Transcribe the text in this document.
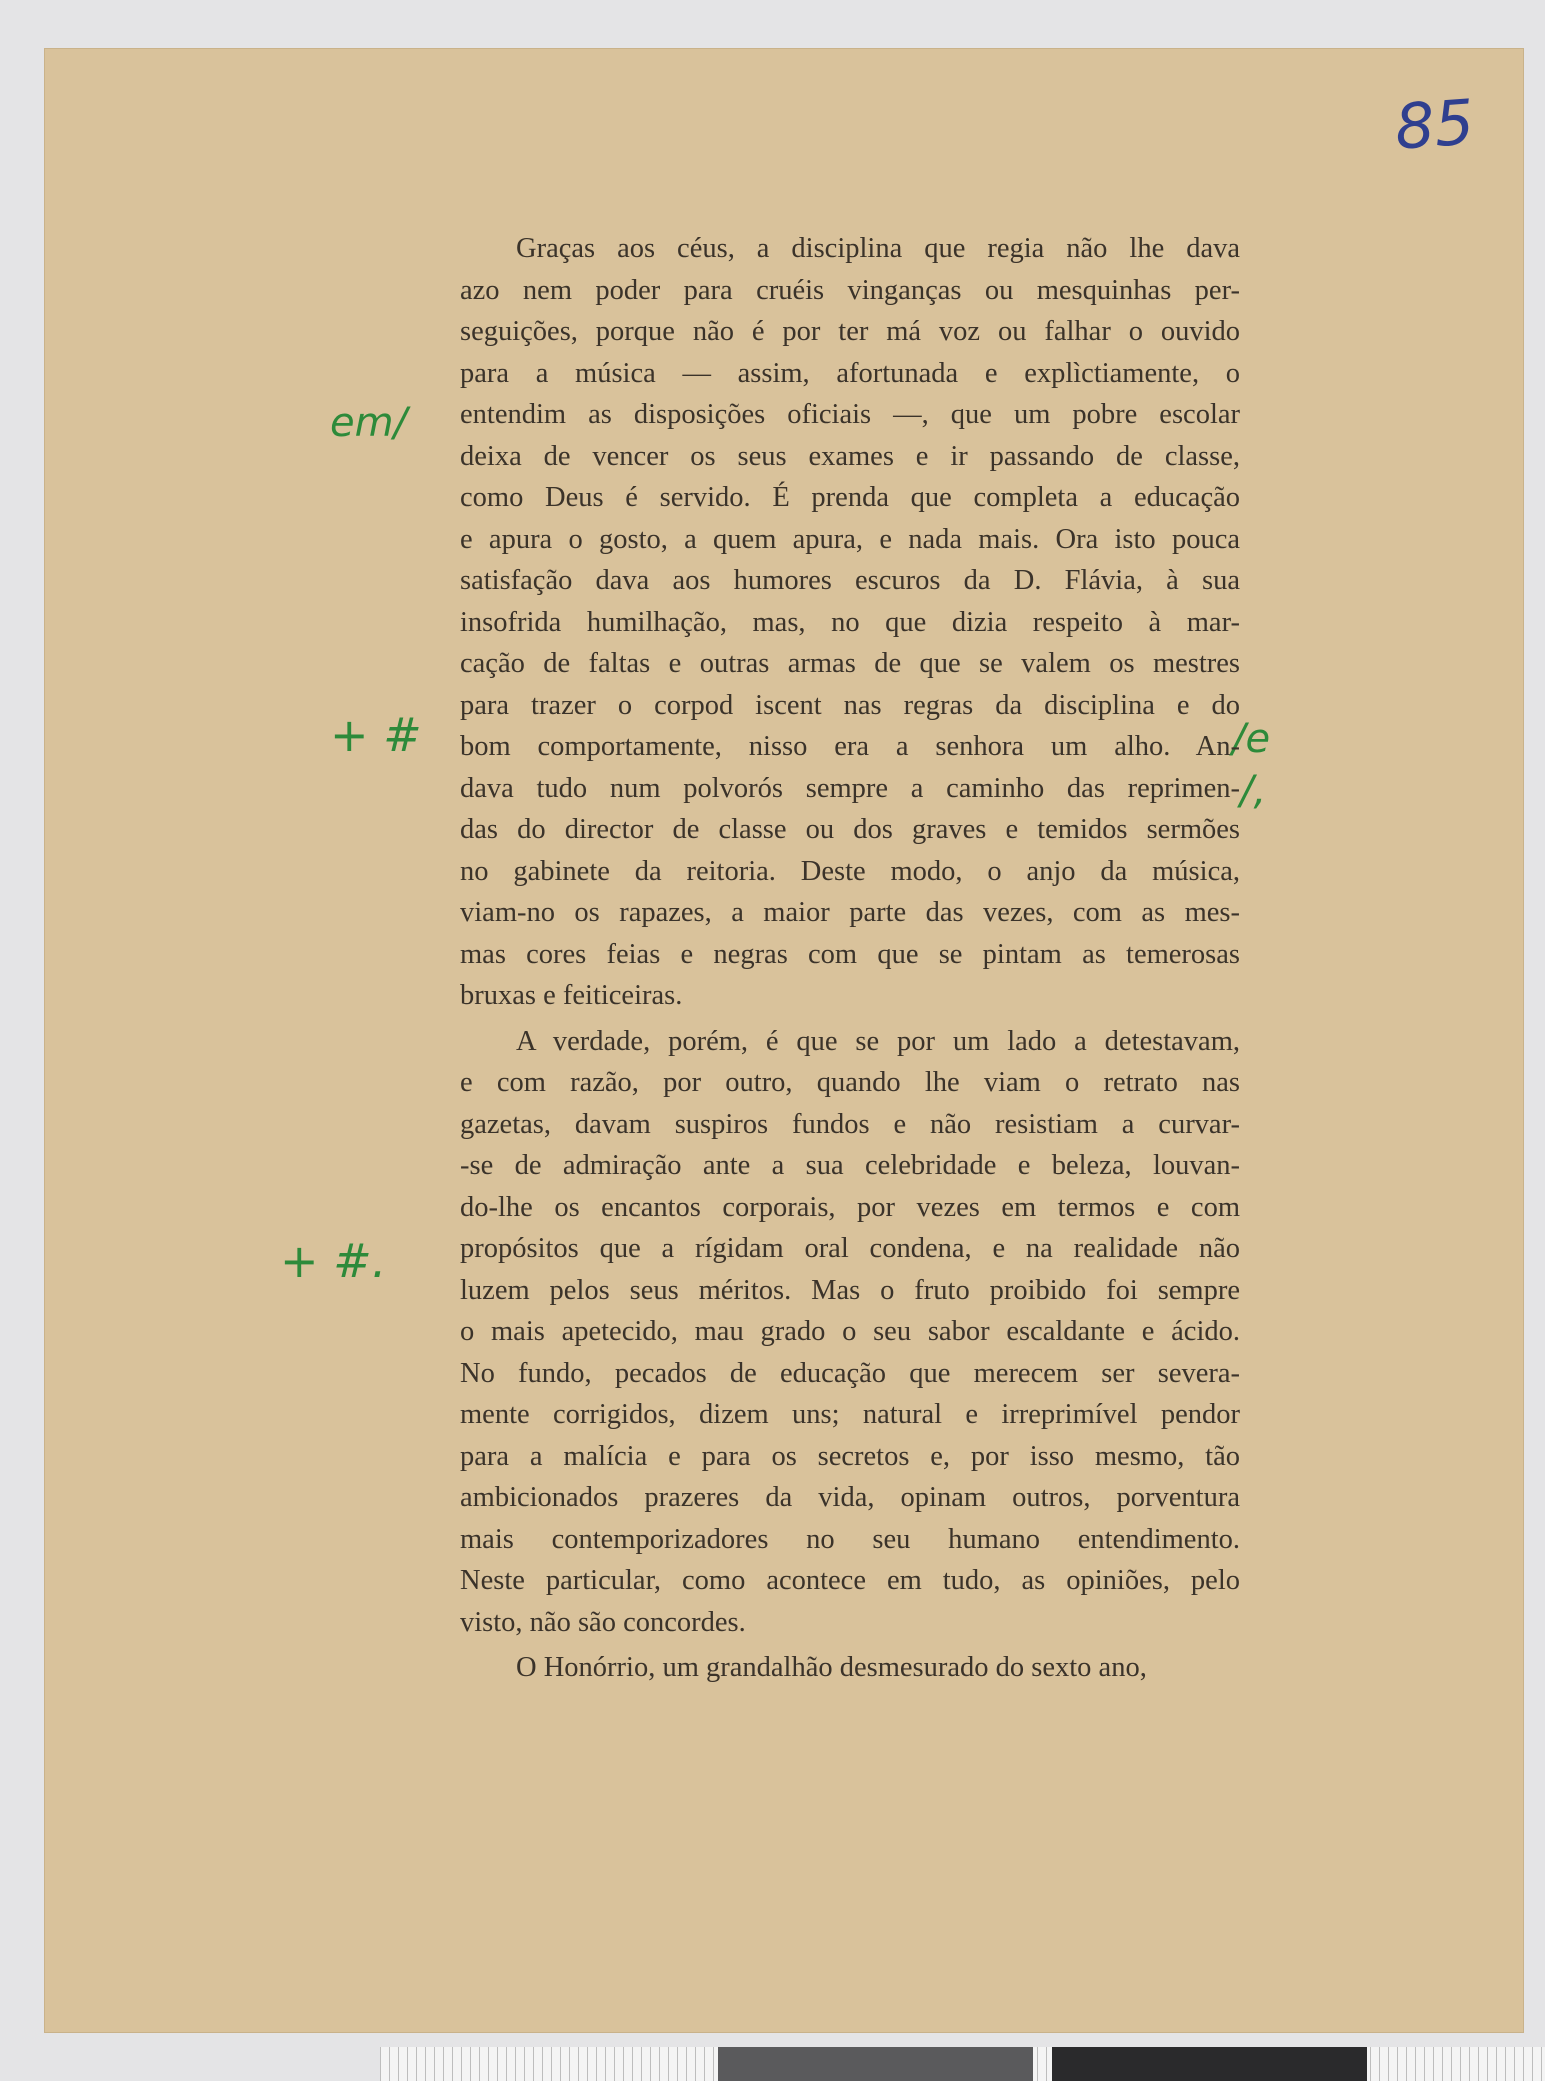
85
em/
+ #
+ #.
/e
/,
Graças aos céus, a disciplina que regia não lhe dava
azo nem poder para cruéis vinganças ou mesquinhas per-
seguições, porque não é por ter má voz ou falhar o ouvido
para a música — assim, afortunada e explìctiamente, o
entendim as disposições oficiais —, que um pobre escolar
deixa de vencer os seus exames e ir passando de classe,
como Deus é servido. É prenda que completa a educação
e apura o gosto, a quem apura, e nada mais. Ora isto pouca
satisfação dava aos humores escuros da D. Flávia, à sua
insofrida humilhação, mas, no que dizia respeito à mar-
cação de faltas e outras armas de que se valem os mestres
para trazer o corpod iscent nas regras da disciplina e do
bom comportamente, nisso era a senhora um alho. An-
dava tudo num polvorós sempre a caminho das reprimen-
das do director de classe ou dos graves e temidos sermões
no gabinete da reitoria. Deste modo, o anjo da música,
viam-no os rapazes, a maior parte das vezes, com as mes-
mas cores feias e negras com que se pintam as temerosas
bruxas e feiticeiras.
A verdade, porém, é que se por um lado a detestavam,
e com razão, por outro, quando lhe viam o retrato nas
gazetas, davam suspiros fundos e não resistiam a curvar-
-se de admiração ante a sua celebridade e beleza, louvan-
do-lhe os encantos corporais, por vezes em termos e com
propósitos que a rígidam oral condena, e na realidade não
luzem pelos seus méritos. Mas o fruto proibido foi sempre
o mais apetecido, mau grado o seu sabor escaldante e ácido.
No fundo, pecados de educação que merecem ser severa-
mente corrigidos, dizem uns; natural e irreprimível pendor
para a malícia e para os secretos e, por isso mesmo, tão
ambicionados prazeres da vida, opinam outros, porventura
mais contemporizadores no seu humano entendimento.
Neste particular, como acontece em tudo, as opiniões, pelo
visto, não são concordes.
O Honórrio, um grandalhão desmesurado do sexto ano,
